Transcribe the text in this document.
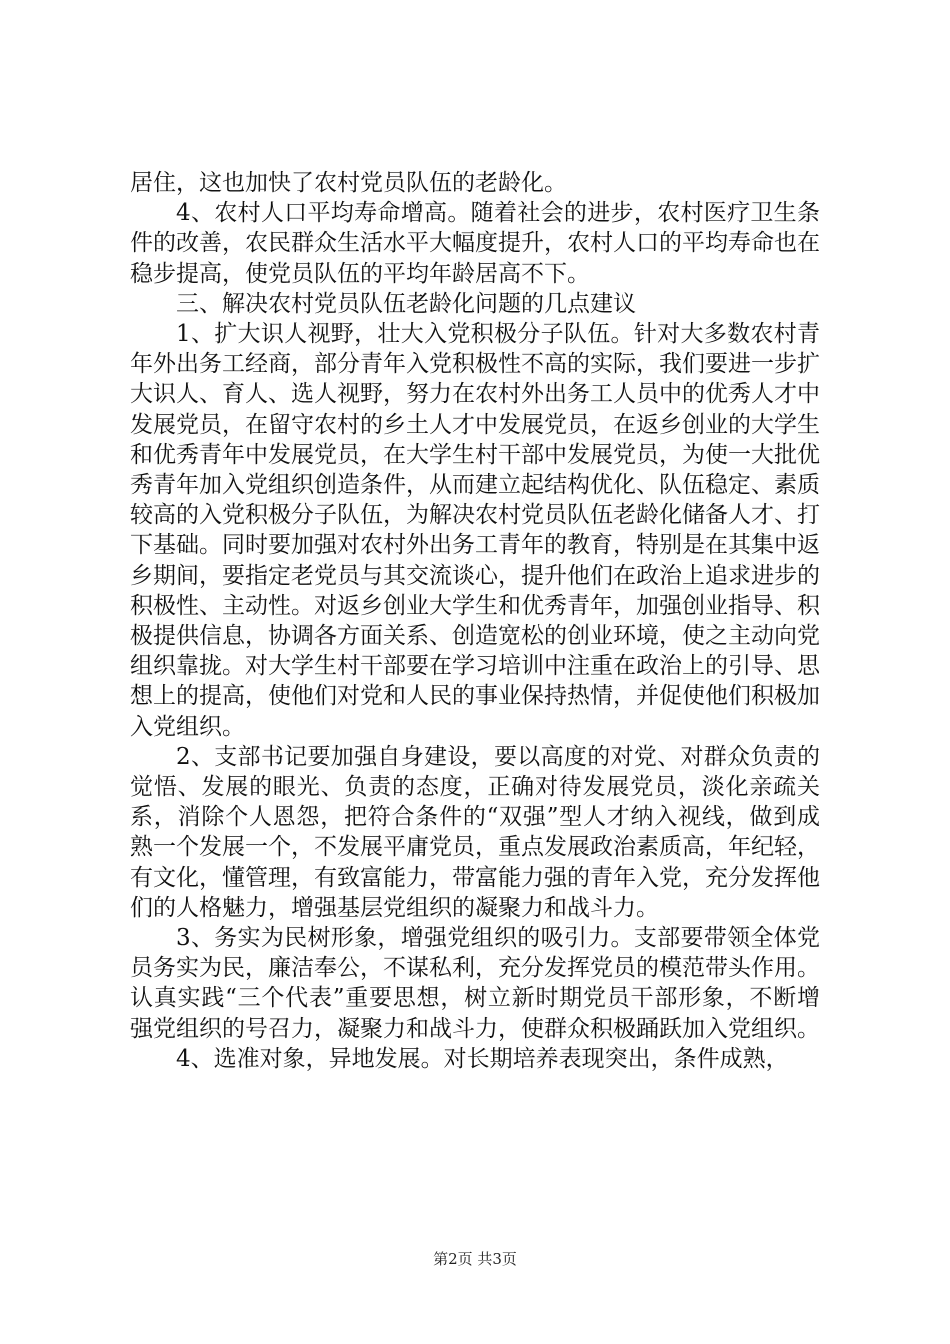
居住，这也加快了农村党员队伍的老龄化。

4、农村人口平均寿命增高。随着社会的进步，农村医疗卫生条件的改善，农民群众生活水平大幅度提升，农村人口的平均寿命也在稳步提高，使党员队伍的平均年龄居高不下。

三、解决农村党员队伍老龄化问题的几点建议

1、扩大识人视野，壮大入党积极分子队伍。针对大多数农村青年外出务工经商，部分青年入党积极性不高的实际，我们要进一步扩大识人、育人、选人视野，努力在农村外出务工人员中的优秀人才中发展党员，在留守农村的乡土人才中发展党员，在返乡创业的大学生和优秀青年中发展党员，在大学生村干部中发展党员，为使一大批优秀青年加入党组织创造条件，从而建立起结构优化、队伍稳定、素质较高的入党积极分子队伍，为解决农村党员队伍老龄化储备人才、打下基础。同时要加强对农村外出务工青年的教育，特别是在其集中返乡期间，要指定老党员与其交流谈心，提升他们在政治上追求进步的积极性、主动性。对返乡创业大学生和优秀青年，加强创业指导、积极提供信息，协调各方面关系、创造宽松的创业环境，使之主动向党组织靠拢。对大学生村干部要在学习培训中注重在政治上的引导、思想上的提高，使他们对党和人民的事业保持热情，并促使他们积极加入党组织。

2、支部书记要加强自身建设，要以高度的对党、对群众负责的觉悟、发展的眼光、负责的态度，正确对待发展党员，淡化亲疏关系，消除个人恩怨，把符合条件的“双强”型人才纳入视线，做到成熟一个发展一个，不发展平庸党员，重点发展政治素质高，年纪轻，有文化，懂管理，有致富能力，带富能力强的青年入党，充分发挥他们的人格魅力，增强基层党组织的凝聚力和战斗力。

3、务实为民树形象，增强党组织的吸引力。支部要带领全体党员务实为民，廉洁奉公，不谋私利，充分发挥党员的模范带头作用。认真实践“三个代表”重要思想，树立新时期党员干部形象，不断增强党组织的号召力，凝聚力和战斗力，使群众积极踊跃加入党组织。

4、选准对象，异地发展。对长期培养表现突出，条件成熟，

第2页 共3页
